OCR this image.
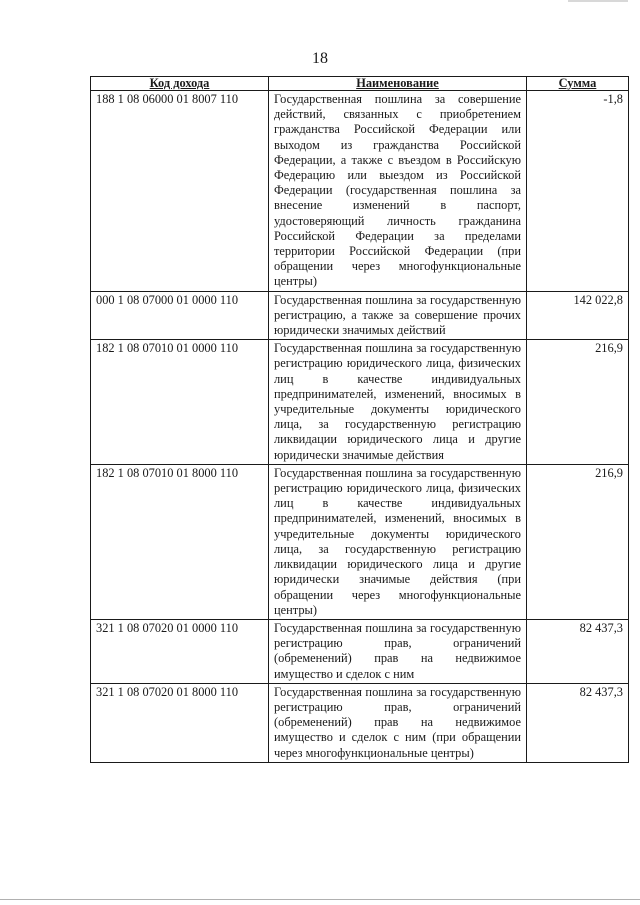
18
Код дохода	Наименование	Сумма
188 1 08 06000 01 8007 110	Государственная пошлина за совершение действий, связанных с приобретением гражданства Российской Федерации или выходом из гражданства Российской Федерации, а также с въездом в Российскую Федерацию или выездом из Российской Федерации (государственная пошлина за внесение изменений в паспорт, удостоверяющий личность гражданина Российской Федерации за пределами территории Российской Федерации (при обращении через многофункциональные центры)	-1,8
000 1 08 07000 01 0000 110	Государственная пошлина за государственную регистрацию, а также за совершение прочих юридически значимых действий	142 022,8
182 1 08 07010 01 0000 110	Государственная пошлина за государственную регистрацию юридического лица, физических лиц в качестве индивидуальных предпринимателей, изменений, вносимых в учредительные документы юридического лица, за государственную регистрацию ликвидации юридического лица и другие юридически значимые действия	216,9
182 1 08 07010 01 8000 110	Государственная пошлина за государственную регистрацию юридического лица, физических лиц в качестве индивидуальных предпринимателей, изменений, вносимых в учредительные документы юридического лица, за государственную регистрацию ликвидации юридического лица и другие юридически значимые действия (при обращении через многофункциональные центры)	216,9
321 1 08 07020 01 0000 110	Государственная пошлина за государственную регистрацию прав, ограничений (обременений) прав на недвижимое имущество и сделок с ним	82 437,3
321 1 08 07020 01 8000 110	Государственная пошлина за государственную регистрацию прав, ограничений (обременений) прав на недвижимое имущество и сделок с ним (при обращении через многофункциональные центры)	82 437,3
